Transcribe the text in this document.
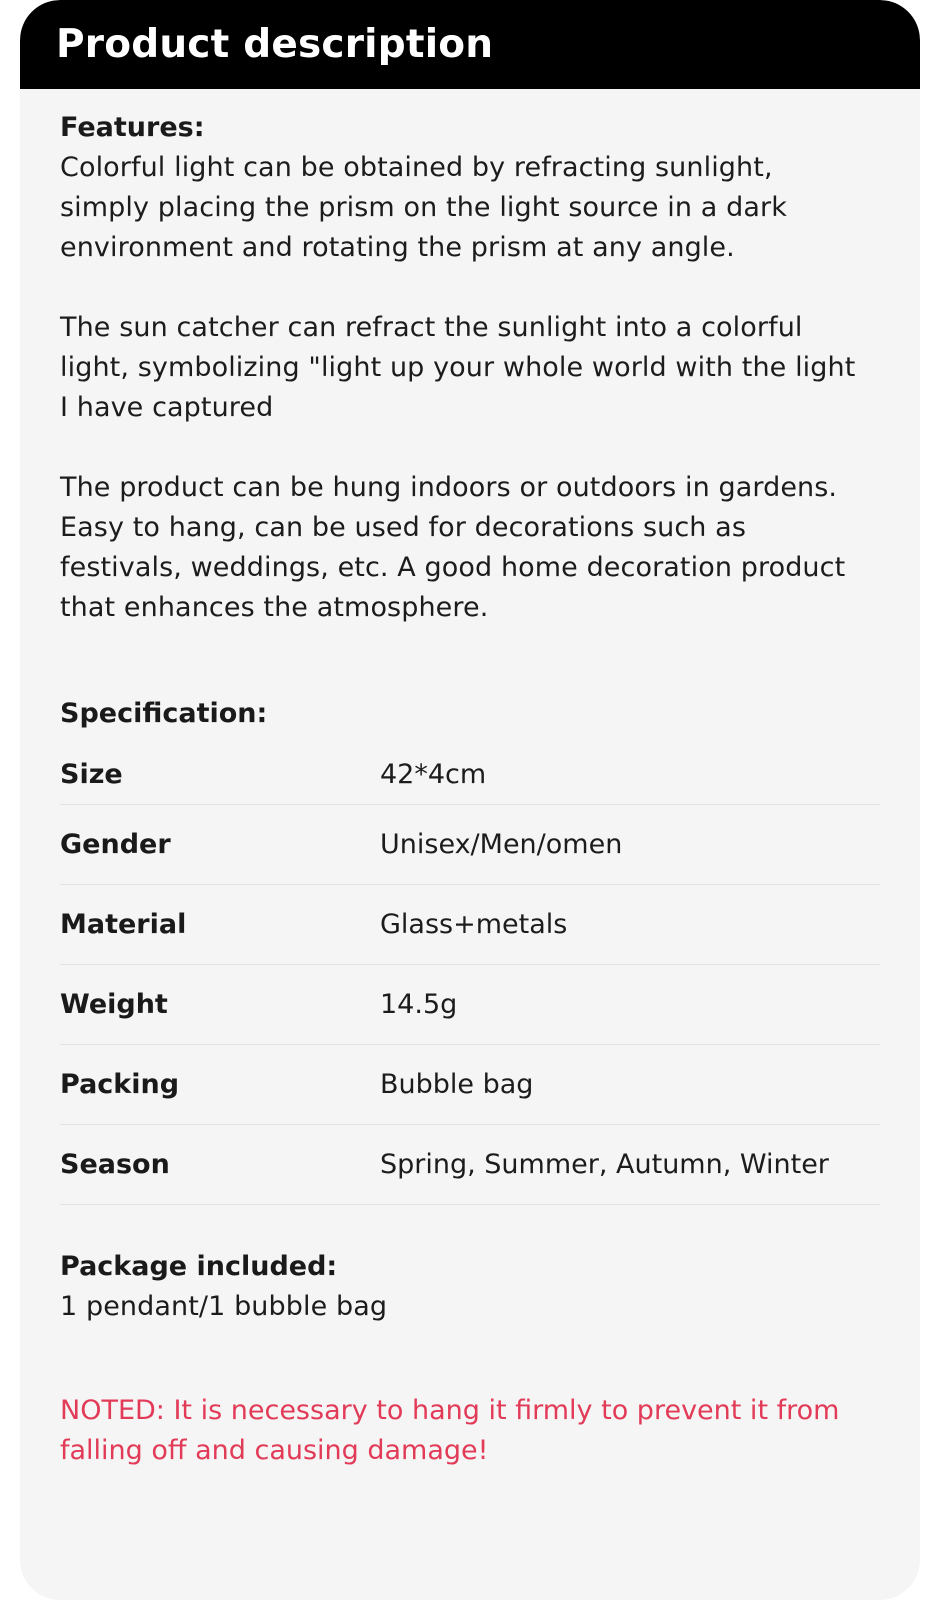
Product description
Features:
Colorful light can be obtained by refracting sunlight,
simply placing the prism on the light source in a dark
environment and rotating the prism at any angle.
The sun catcher can refract the sunlight into a colorful
light, symbolizing "light up your whole world with the light
I have captured
The product can be hung indoors or outdoors in gardens.
Easy to hang, can be used for decorations such as
festivals, weddings, etc. A good home decoration product
that enhances the atmosphere.
Specification:
Size	42*4cm
Gender	Unisex/Men/omen
Material	Glass+metals
Weight	14.5g
Packing	Bubble bag
Season	Spring, Summer, Autumn, Winter
Package included:
1 pendant/1 bubble bag
NOTED: It is necessary to hang it firmly to prevent it from
falling off and causing damage!
